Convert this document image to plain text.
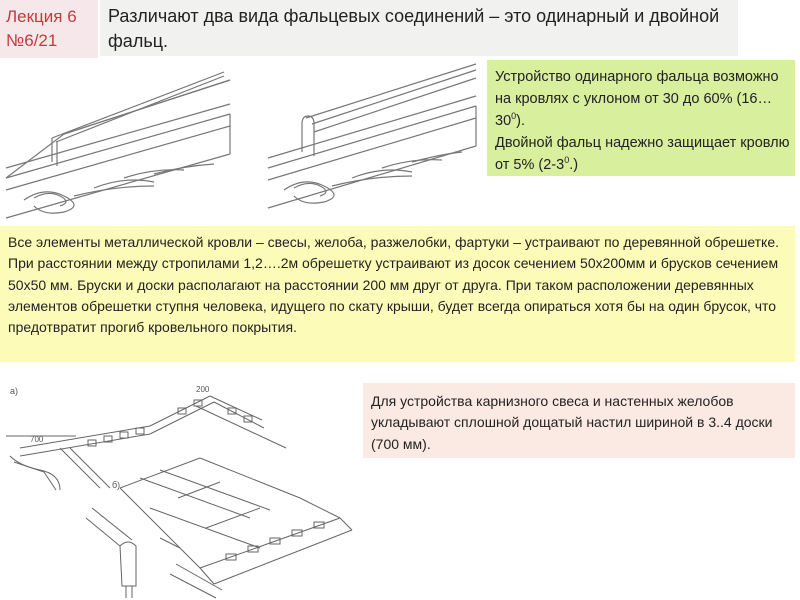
Лекция 6
№6/21
Различают два вида фальцевых соединений – это одинарный и двойной фальц.
Устройство одинарного фальца возможно на кровлях с уклоном от 30 до 60% $(16\dots 30^0)$.
Двойной фальц надежно защищает кровлю от 5% $(2-3^0.)$
Все элементы металлической кровли – свесы, желоба, разжелобки, фартуки – устраивают по деревянной обрешетке. При расстоянии между стропилами 1,2….2м обрешетку устраивают из досок сечением 50х200мм и брусков сечением 50х50 мм. Бруски и доски располагают на расстоянии 200 мм друг от друга. При таком расположении деревянных элементов обрешетки ступня человека, идущего по скату крыши, будет всегда опираться хотя бы на один брусок, что предотвратит прогиб кровельного покрытия.
а)	200
700
б)
Для устройства карнизного свеса и настенных желобов укладывают сплошной дощатый настил шириной в 3..4 доски (700 мм).
